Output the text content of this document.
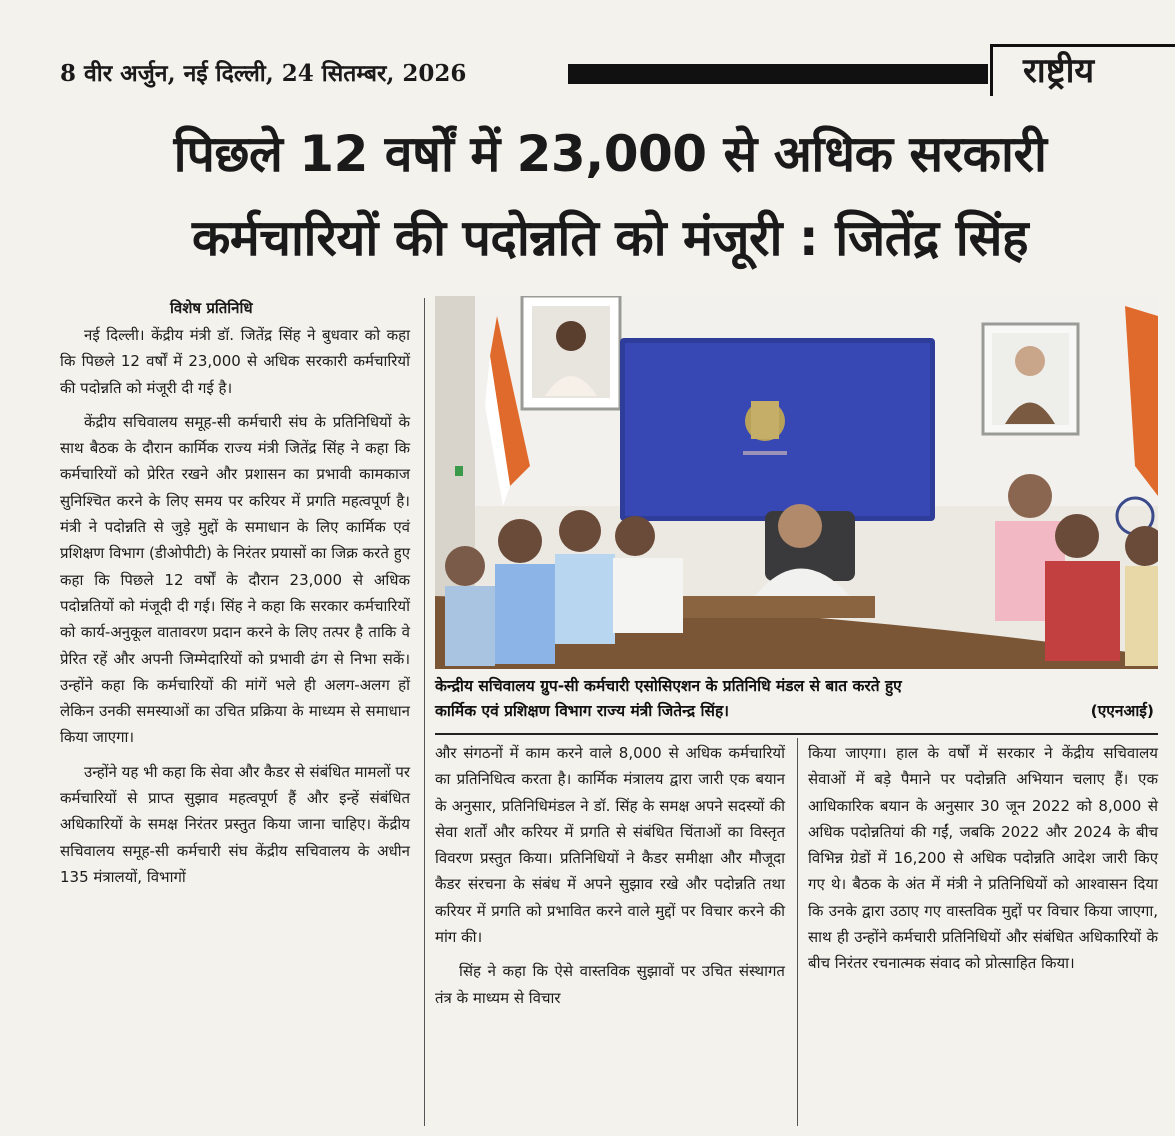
8 वीर अर्जुन, नई दिल्ली, 24 सितम्बर, 2026	राष्ट्रीय
पिछले 12 वर्षों में 23,000 से अधिक सरकारी
कर्मचारियों की पदोन्नति को मंजूरी : जितेंद्र सिंह
विशेष प्रतिनिधि

नई दिल्ली। केंद्रीय मंत्री डॉ. जितेंद्र सिंह ने बुधवार को कहा कि पिछले 12 वर्षों में 23,000 से अधिक सरकारी कर्मचारियों की पदोन्नति को मंजूरी दी गई है।

केंद्रीय सचिवालय समूह-सी कर्मचारी संघ के प्रतिनिधियों के साथ बैठक के दौरान कार्मिक राज्य मंत्री जितेंद्र सिंह ने कहा कि कर्मचारियों को प्रेरित रखने और प्रशासन का प्रभावी कामकाज सुनिश्चित करने के लिए समय पर करियर में प्रगति महत्वपूर्ण है। मंत्री ने पदोन्नति से जुड़े मुद्दों के समाधान के लिए कार्मिक एवं प्रशिक्षण विभाग (डीओपीटी) के निरंतर प्रयासों का जिक्र करते हुए कहा कि पिछले 12 वर्षों के दौरान 23,000 से अधिक पदोन्नतियों को मंजूदी दी गई। सिंह ने कहा कि सरकार कर्मचारियों को कार्य-अनुकूल वातावरण प्रदान करने के लिए तत्पर है ताकि वे प्रेरित रहें और अपनी जिम्मेदारियों को प्रभावी ढंग से निभा सकें। उन्होंने कहा कि कर्मचारियों की मांगें भले ही अलग-अलग हों लेकिन उनकी समस्याओं का उचित प्रक्रिया के माध्यम से समाधान किया जाएगा।

उन्होंने यह भी कहा कि सेवा और कैडर से संबंधित मामलों पर कर्मचारियों से प्राप्त सुझाव महत्वपूर्ण हैं और इन्हें संबंधित अधिकारियों के समक्ष निरंतर प्रस्तुत किया जाना चाहिए। केंद्रीय सचिवालय समूह-सी कर्मचारी संघ केंद्रीय सचिवालय के अधीन 135 मंत्रालयों, विभागों

केन्द्रीय सचिवालय ग्रुप-सी कर्मचारी एसोसिएशन के प्रतिनिधि मंडल से बात करते हुए
कार्मिक एवं प्रशिक्षण विभाग राज्य मंत्री जितेन्द्र सिंह।	(एएनआई)

और संगठनों में काम करने वाले 8,000 से अधिक कर्मचारियों का प्रतिनिधित्व करता है। कार्मिक मंत्रालय द्वारा जारी एक बयान के अनुसार, प्रतिनिधिमंडल ने डॉ. सिंह के समक्ष अपने सदस्यों की सेवा शर्तों और करियर में प्रगति से संबंधित चिंताओं का विस्तृत विवरण प्रस्तुत किया। प्रतिनिधियों ने कैडर समीक्षा और मौजूदा कैडर संरचना के संबंध में अपने सुझाव रखे और पदोन्नति तथा करियर में प्रगति को प्रभावित करने वाले मुद्दों पर विचार करने की मांग की।

सिंह ने कहा कि ऐसे वास्तविक सुझावों पर उचित संस्थागत तंत्र के माध्यम से विचार

किया जाएगा। हाल के वर्षों में सरकार ने केंद्रीय सचिवालय सेवाओं में बड़े पैमाने पर पदोन्नति अभियान चलाए हैं। एक आधिकारिक बयान के अनुसार 30 जून 2022 को 8,000 से अधिक पदोन्नतियां की गईं, जबकि 2022 और 2024 के बीच विभिन्न ग्रेडों में 16,200 से अधिक पदोन्नति आदेश जारी किए गए थे। बैठक के अंत में मंत्री ने प्रतिनिधियों को आश्वासन दिया कि उनके द्वारा उठाए गए वास्तविक मुद्दों पर विचार किया जाएगा, साथ ही उन्होंने कर्मचारी प्रतिनिधियों और संबंधित अधिकारियों के बीच निरंतर रचनात्मक संवाद को प्रोत्साहित किया।
